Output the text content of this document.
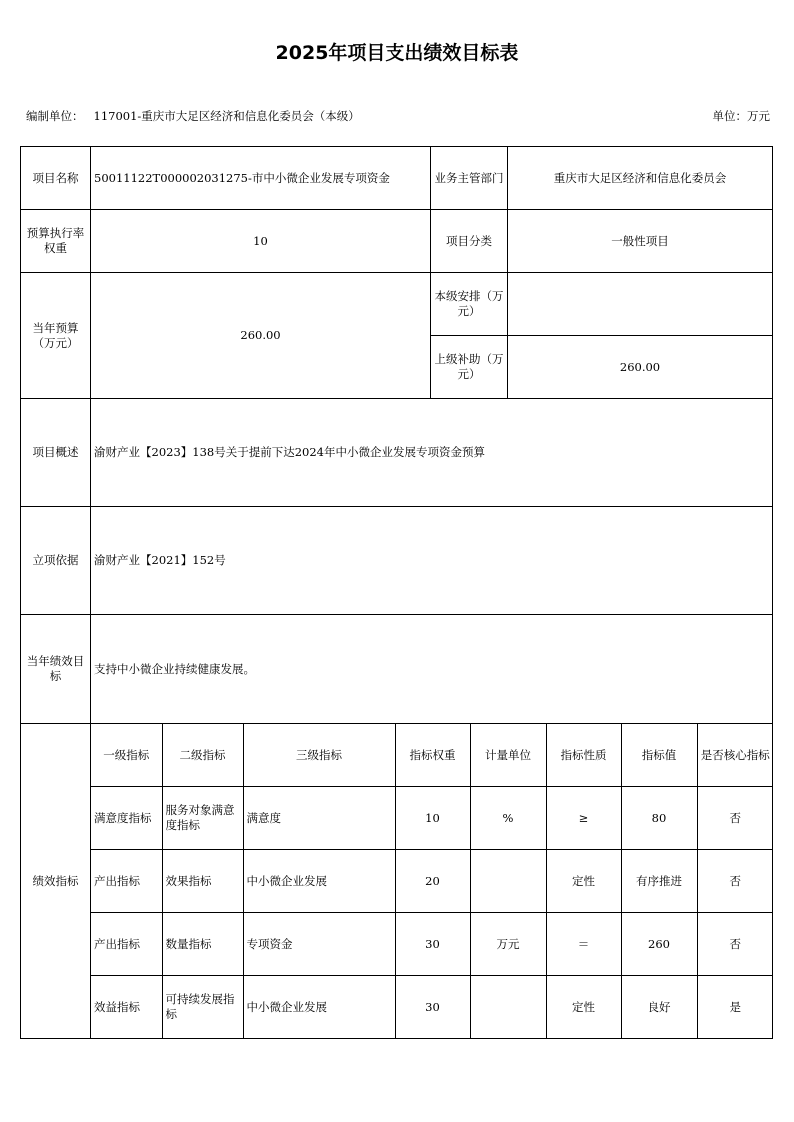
2025年项目支出绩效目标表
编制单位： 117001-重庆市大足区经济和信息化委员会（本级）	单位：万元
项目名称	50011122T000002031275-市中小微企业发展专项资金	业务主管部门	重庆市大足区经济和信息化委员会
预算执行率权重	10	项目分类	一般性项目
当年预算（万元）	260.00	本级安排（万元）	
上级补助（万元）	260.00
项目概述	渝财产业【2023】138号关于提前下达2024年中小微企业发展专项资金预算
立项依据	渝财产业【2021】152号
当年绩效目标	支持中小微企业持续健康发展。
绩效指标	
一级指标	二级指标	三级指标	指标权重	计量单位	指标性质	指标值	是否核心指标
满意度指标	服务对象满意度指标	满意度	10	%	≥	80	否
产出指标	效果指标	中小微企业发展	20		定性	有序推进	否
产出指标	数量指标	专项资金	30	万元	＝	260	否
效益指标	可持续发展指标	中小微企业发展	30		定性	良好	是
